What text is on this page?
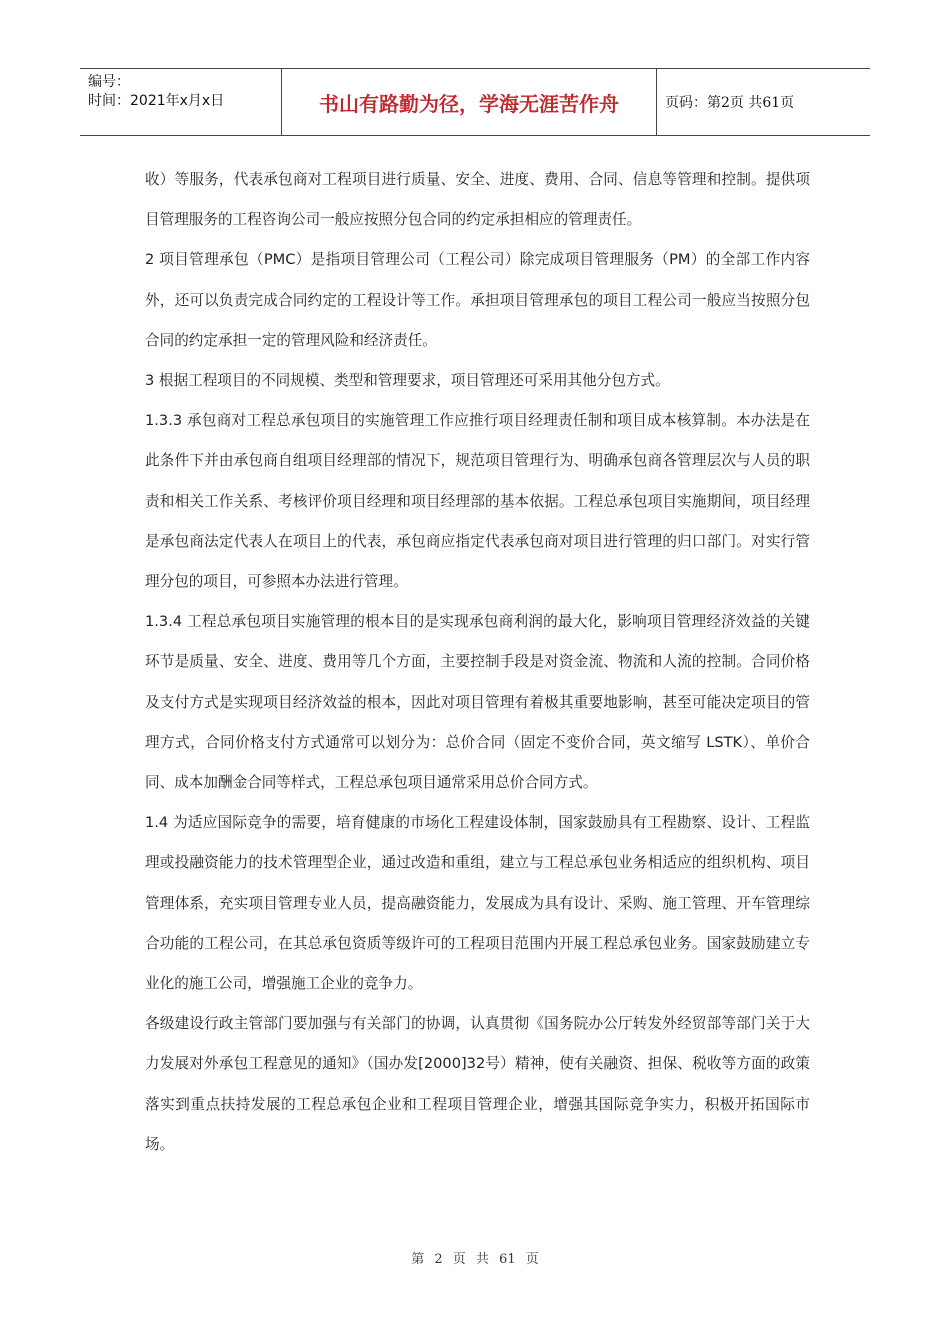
编号：
时间：2021年x月x日	书山有路勤为径，学海无涯苦作舟	页码：第2页 共61页

收）等服务，代表承包商对工程项目进行质量、安全、进度、费用、合同、信息等管理和控制。提供项目管理服务的工程咨询公司一般应按照分包合同的约定承担相应的管理责任。

2 项目管理承包（PMC）是指项目管理公司（工程公司）除完成项目管理服务（PM）的全部工作内容外，还可以负责完成合同约定的工程设计等工作。承担项目管理承包的项目工程公司一般应当按照分包合同的约定承担一定的管理风险和经济责任。

3 根据工程项目的不同规模、类型和管理要求，项目管理还可采用其他分包方式。

1.3.3 承包商对工程总承包项目的实施管理工作应推行项目经理责任制和项目成本核算制。本办法是在此条件下并由承包商自组项目经理部的情况下，规范项目管理行为、明确承包商各管理层次与人员的职责和相关工作关系、考核评价项目经理和项目经理部的基本依据。工程总承包项目实施期间，项目经理是承包商法定代表人在项目上的代表，承包商应指定代表承包商对项目进行管理的归口部门。对实行管理分包的项目，可参照本办法进行管理。

1.3.4 工程总承包项目实施管理的根本目的是实现承包商利润的最大化，影响项目管理经济效益的关键环节是质量、安全、进度、费用等几个方面，主要控制手段是对资金流、物流和人流的控制。合同价格及支付方式是实现项目经济效益的根本，因此对项目管理有着极其重要地影响，甚至可能决定项目的管理方式，合同价格支付方式通常可以划分为：总价合同（固定不变价合同，英文缩写 LSTK）、单价合同、成本加酬金合同等样式，工程总承包项目通常采用总价合同方式。

1.4 为适应国际竞争的需要，培育健康的市场化工程建设体制，国家鼓励具有工程勘察、设计、工程监理或投融资能力的技术管理型企业，通过改造和重组，建立与工程总承包业务相适应的组织机构、项目管理体系，充实项目管理专业人员，提高融资能力，发展成为具有设计、采购、施工管理、开车管理综合功能的工程公司，在其总承包资质等级许可的工程项目范围内开展工程总承包业务。国家鼓励建立专业化的施工公司，增强施工企业的竞争力。

各级建设行政主管部门要加强与有关部门的协调，认真贯彻《国务院办公厅转发外经贸部等部门关于大力发展对外承包工程意见的通知》（国办发[2000]32号）精神，使有关融资、担保、税收等方面的政策落实到重点扶持发展的工程总承包企业和工程项目管理企业，增强其国际竞争实力，积极开拓国际市场。

第 2 页 共 61 页
